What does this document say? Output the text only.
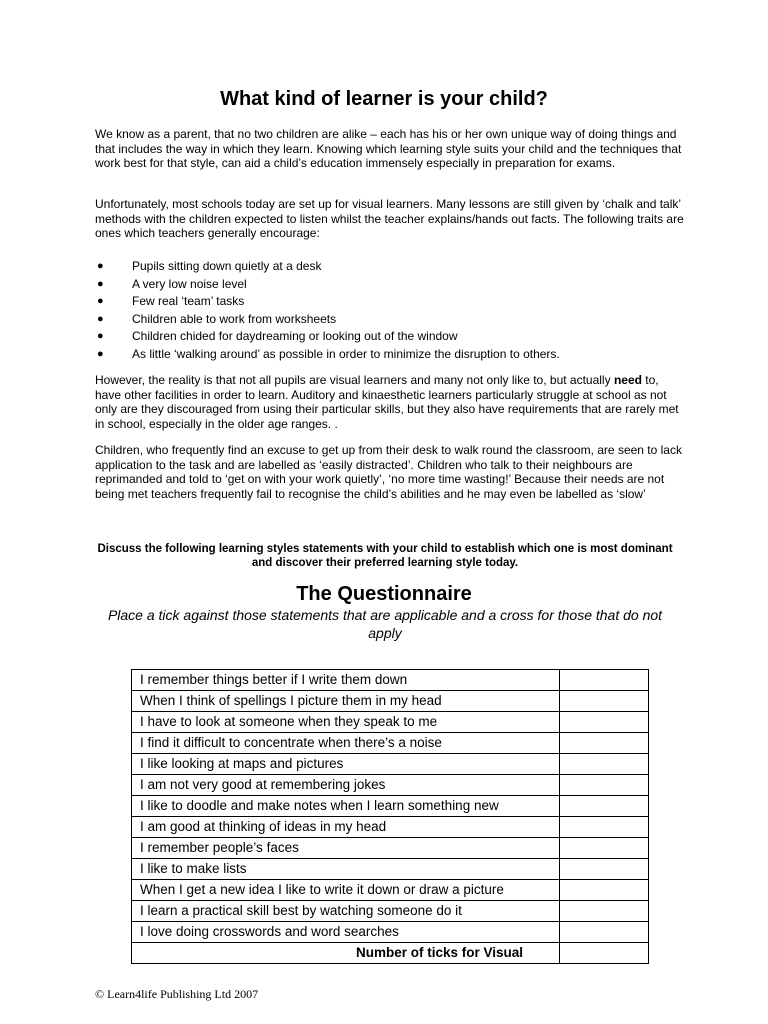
What kind of learner is your child?

We know as a parent, that no two children are alike – each has his or her own unique way of doing things and that includes the way in which they learn. Knowing which learning style suits your child and the techniques that work best for that style, can aid a child’s education immensely especially in preparation for exams.

Unfortunately, most schools today are set up for visual learners. Many lessons are still given by ‘chalk and talk’ methods with the children expected to listen whilst the teacher explains/hands out facts. The following traits are ones which teachers generally encourage:

● Pupils sitting down quietly at a desk
● A very low noise level
● Few real ‘team’ tasks
● Children able to work from worksheets
● Children chided for daydreaming or looking out of the window
● As little ‘walking around’ as possible in order to minimize the disruption to others.

However, the reality is that not all pupils are visual learners and many not only like to, but actually need to, have other facilities in order to learn. Auditory and kinaesthetic learners particularly struggle at school as not only are they discouraged from using their particular skills, but they also have requirements that are rarely met in school, especially in the older age ranges. .

Children, who frequently find an excuse to get up from their desk to walk round the classroom, are seen to lack application to the task and are labelled as ‘easily distracted’. Children who talk to their neighbours are reprimanded and told to ‘get on with your work quietly’, ‘no more time wasting!’ Because their needs are not being met teachers frequently fail to recognise the child’s abilities and he may even be labelled as ‘slow’

Discuss the following learning styles statements with your child to establish which one is most dominant and discover their preferred learning style today.

The Questionnaire

Place a tick against those statements that are applicable and a cross for those that do not apply

I remember things better if I write them down	
When I think of spellings I picture them in my head	
I have to look at someone when they speak to me	
I find it difficult to concentrate when there’s a noise	
I like looking at maps and pictures	
I am not very good at remembering jokes	
I like to doodle and make notes when I learn something new	
I am good at thinking of ideas in my head	
I remember people’s faces	
I like to make lists	
When I get a new idea I like to write it down or draw a picture	
I learn a practical skill best by watching someone do it	
I love doing crosswords and word searches	
Number of ticks for Visual	

© Learn4life Publishing Ltd 2007
